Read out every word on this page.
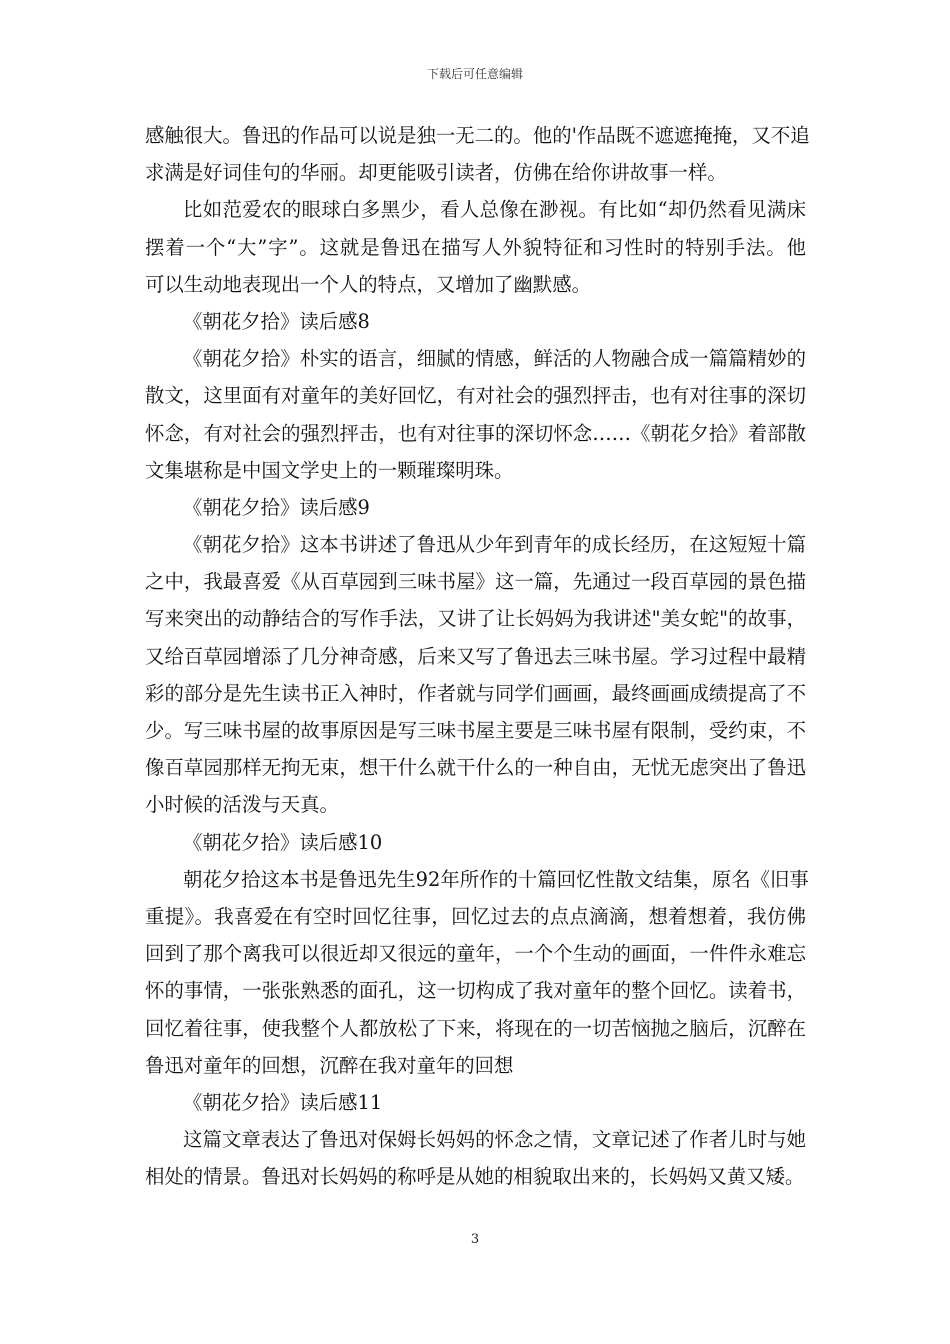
下载后可任意编辑
感触很大。鲁迅的作品可以说是独一无二的。他的'作品既不遮遮掩掩，又不追
求满是好词佳句的华丽。却更能吸引读者，仿佛在给你讲故事一样。
比如范爱农的眼球白多黑少，看人总像在渺视。有比如“却仍然看见满床
摆着一个“大”字”。这就是鲁迅在描写人外貌特征和习性时的特别手法。他
可以生动地表现出一个人的特点，又增加了幽默感。
《朝花夕拾》读后感8
《朝花夕拾》朴实的语言，细腻的情感，鲜活的人物融合成一篇篇精妙的
散文，这里面有对童年的美好回忆，有对社会的强烈抨击，也有对往事的深切
怀念，有对社会的强烈抨击，也有对往事的深切怀念……《朝花夕拾》着部散
文集堪称是中国文学史上的一颗璀璨明珠。
《朝花夕拾》读后感9
《朝花夕拾》这本书讲述了鲁迅从少年到青年的成长经历，在这短短十篇
之中，我最喜爱《从百草园到三味书屋》这一篇，先通过一段百草园的景色描
写来突出的动静结合的写作手法，又讲了让长妈妈为我讲述"美女蛇"的故事，
又给百草园增添了几分神奇感，后来又写了鲁迅去三味书屋。学习过程中最精
彩的部分是先生读书正入神时，作者就与同学们画画，最终画画成绩提高了不
少。写三味书屋的故事原因是写三味书屋主要是三味书屋有限制，受约束，不
像百草园那样无拘无束，想干什么就干什么的一种自由，无忧无虑突出了鲁迅
小时候的活泼与天真。
《朝花夕拾》读后感10
朝花夕拾这本书是鲁迅先生92年所作的十篇回忆性散文结集，原名《旧事
重提》。我喜爱在有空时回忆往事，回忆过去的点点滴滴，想着想着，我仿佛
回到了那个离我可以很近却又很远的童年，一个个生动的画面，一件件永难忘
怀的事情，一张张熟悉的面孔，这一切构成了我对童年的整个回忆。读着书，
回忆着往事，使我整个人都放松了下来，将现在的一切苦恼抛之脑后，沉醉在
鲁迅对童年的回想，沉醉在我对童年的回想
《朝花夕拾》读后感11
这篇文章表达了鲁迅对保姆长妈妈的怀念之情，文章记述了作者儿时与她
相处的情景。鲁迅对长妈妈的称呼是从她的相貌取出来的，长妈妈又黄又矮。
3
